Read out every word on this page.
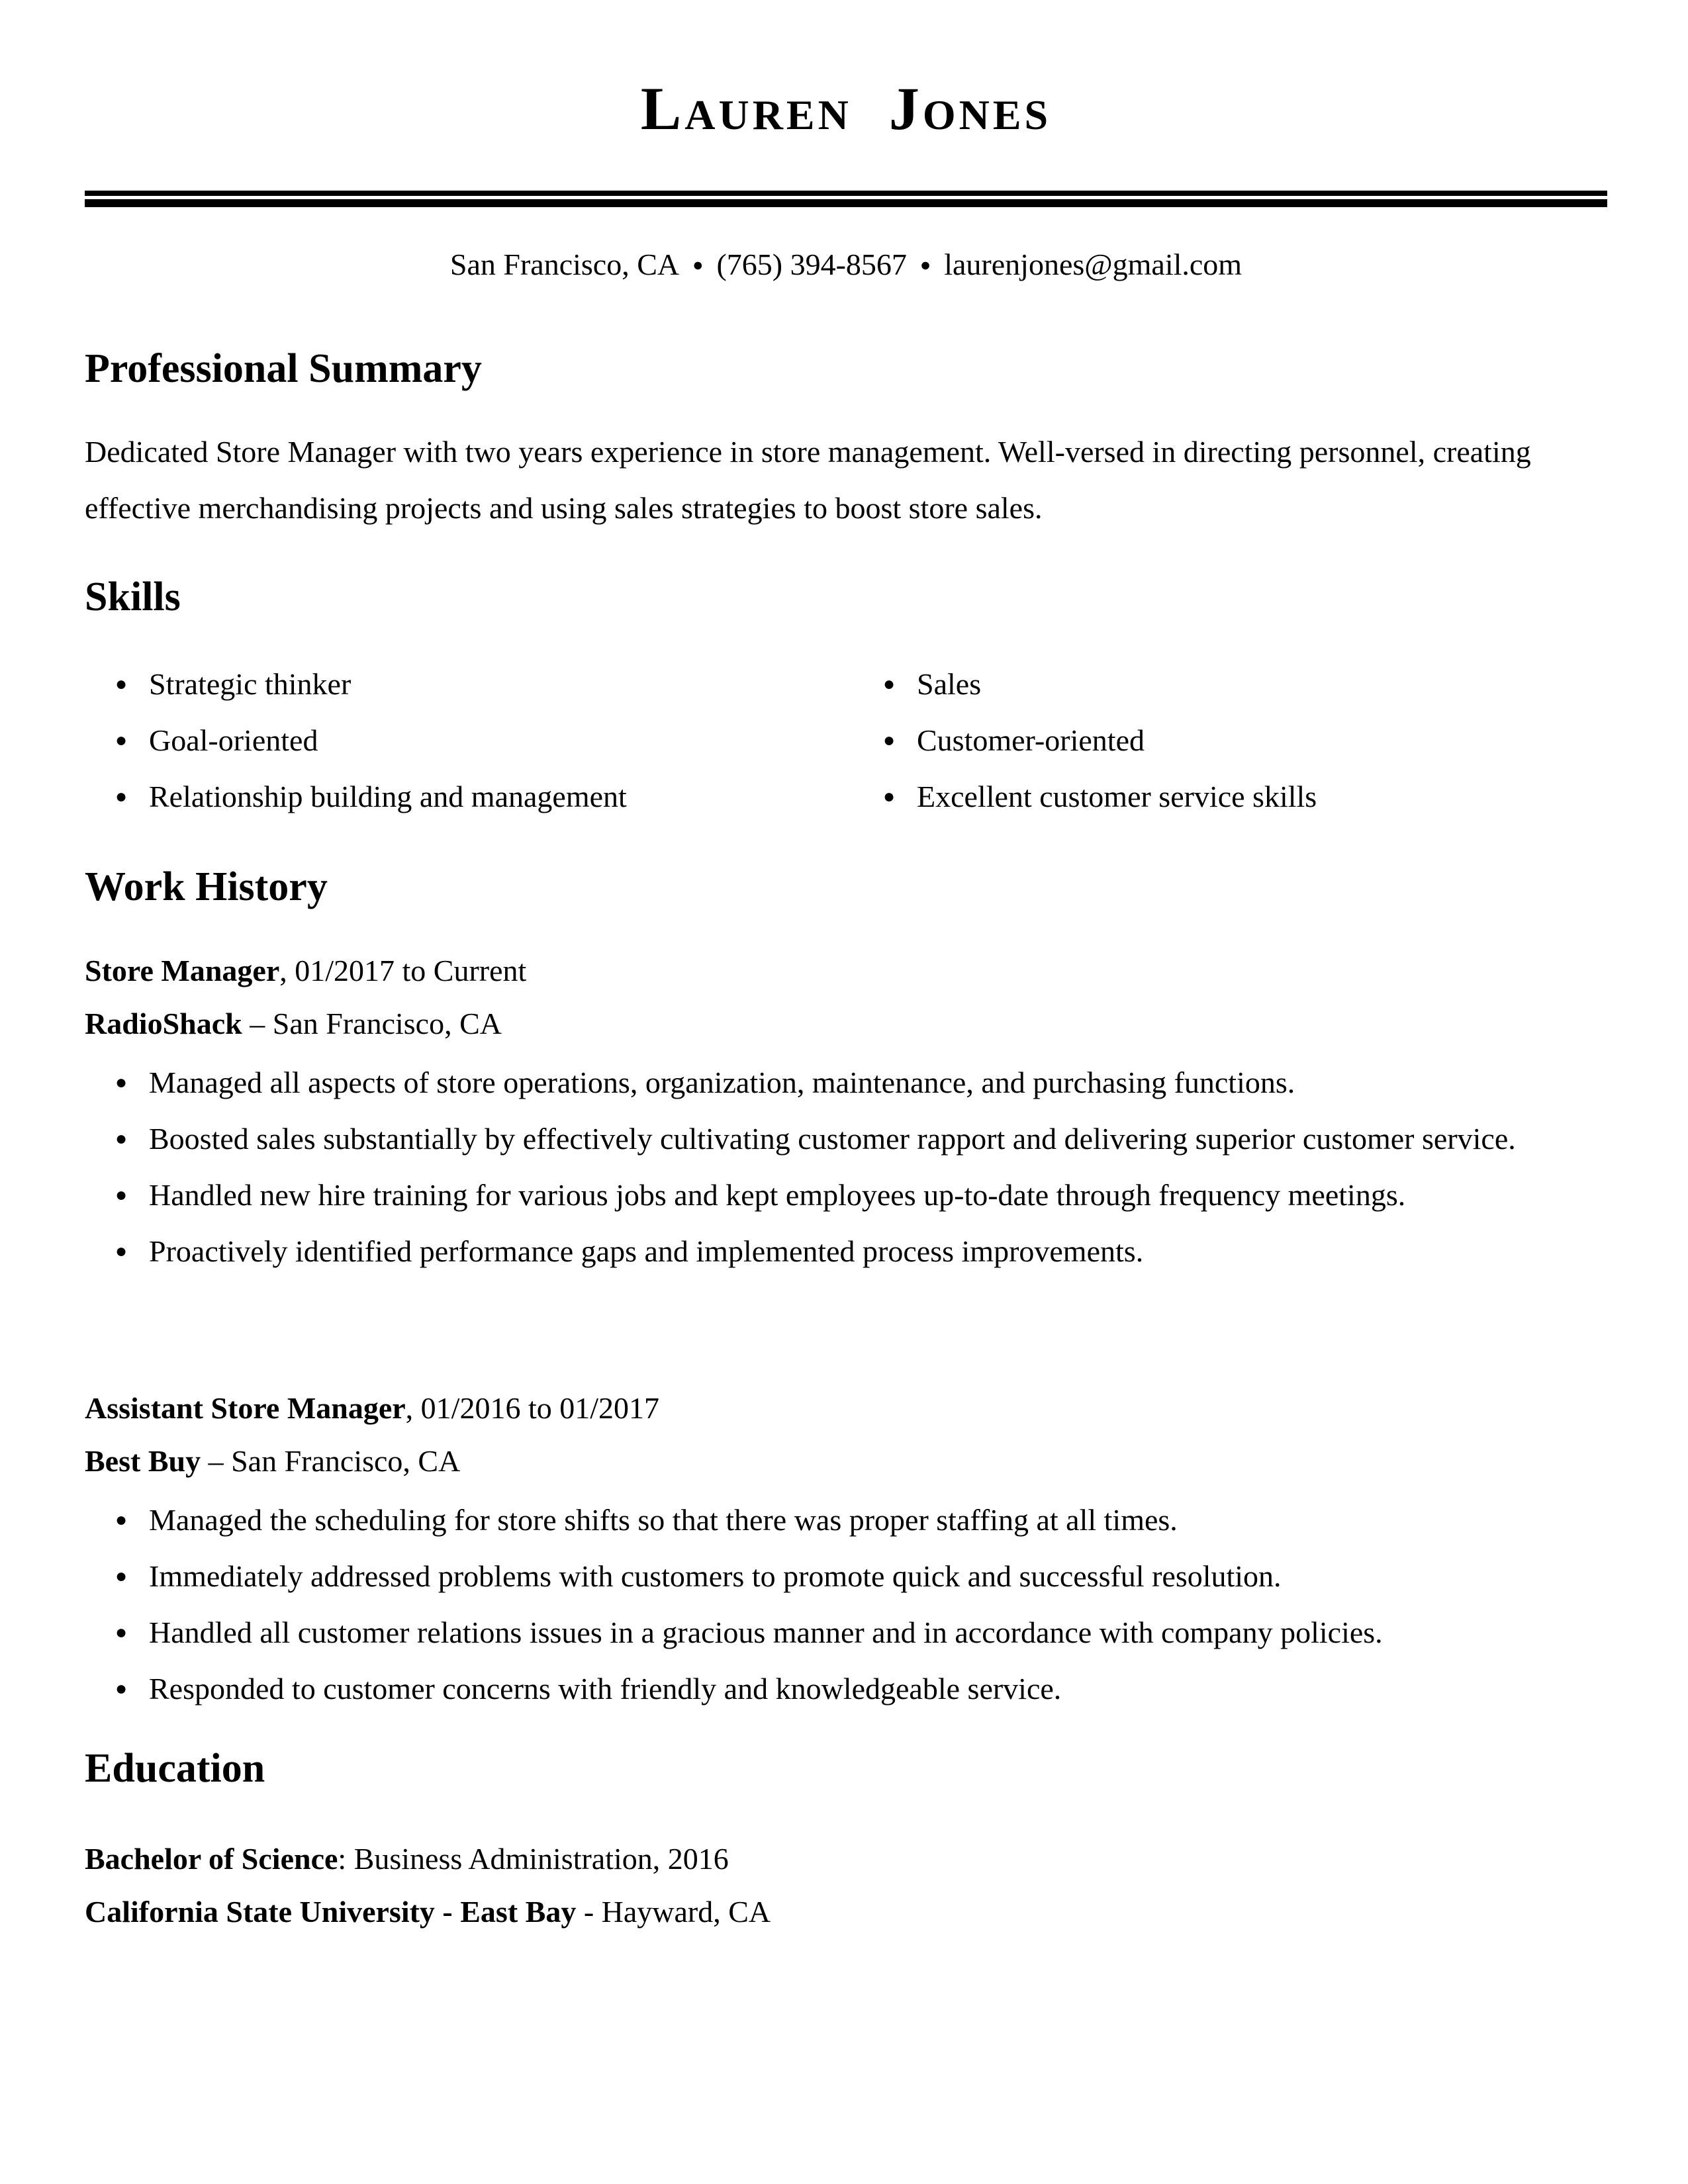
Lauren Jones
San Francisco, CA ● (765) 394-8567 ● laurenjones@gmail.com
Professional Summary

Dedicated Store Manager with two years experience in store management. Well-versed in directing personnel, creating effective merchandising projects and using sales strategies to boost store sales.

Skills
● Strategic thinker
● Goal-oriented
● Relationship building and management
● Sales
● Customer-oriented
● Excellent customer service skills
Work History
Store Manager, 01/2017 to Current
RadioShack – San Francisco, CA
● Managed all aspects of store operations, organization, maintenance, and purchasing functions.
● Boosted sales substantially by effectively cultivating customer rapport and delivering superior customer service.
● Handled new hire training for various jobs and kept employees up-to-date through frequency meetings.
● Proactively identified performance gaps and implemented process improvements.
Assistant Store Manager, 01/2016 to 01/2017
Best Buy – San Francisco, CA
● Managed the scheduling for store shifts so that there was proper staffing at all times.
● Immediately addressed problems with customers to promote quick and successful resolution.
● Handled all customer relations issues in a gracious manner and in accordance with company policies.
● Responded to customer concerns with friendly and knowledgeable service.
Education
Bachelor of Science: Business Administration, 2016
California State University - East Bay - Hayward, CA
